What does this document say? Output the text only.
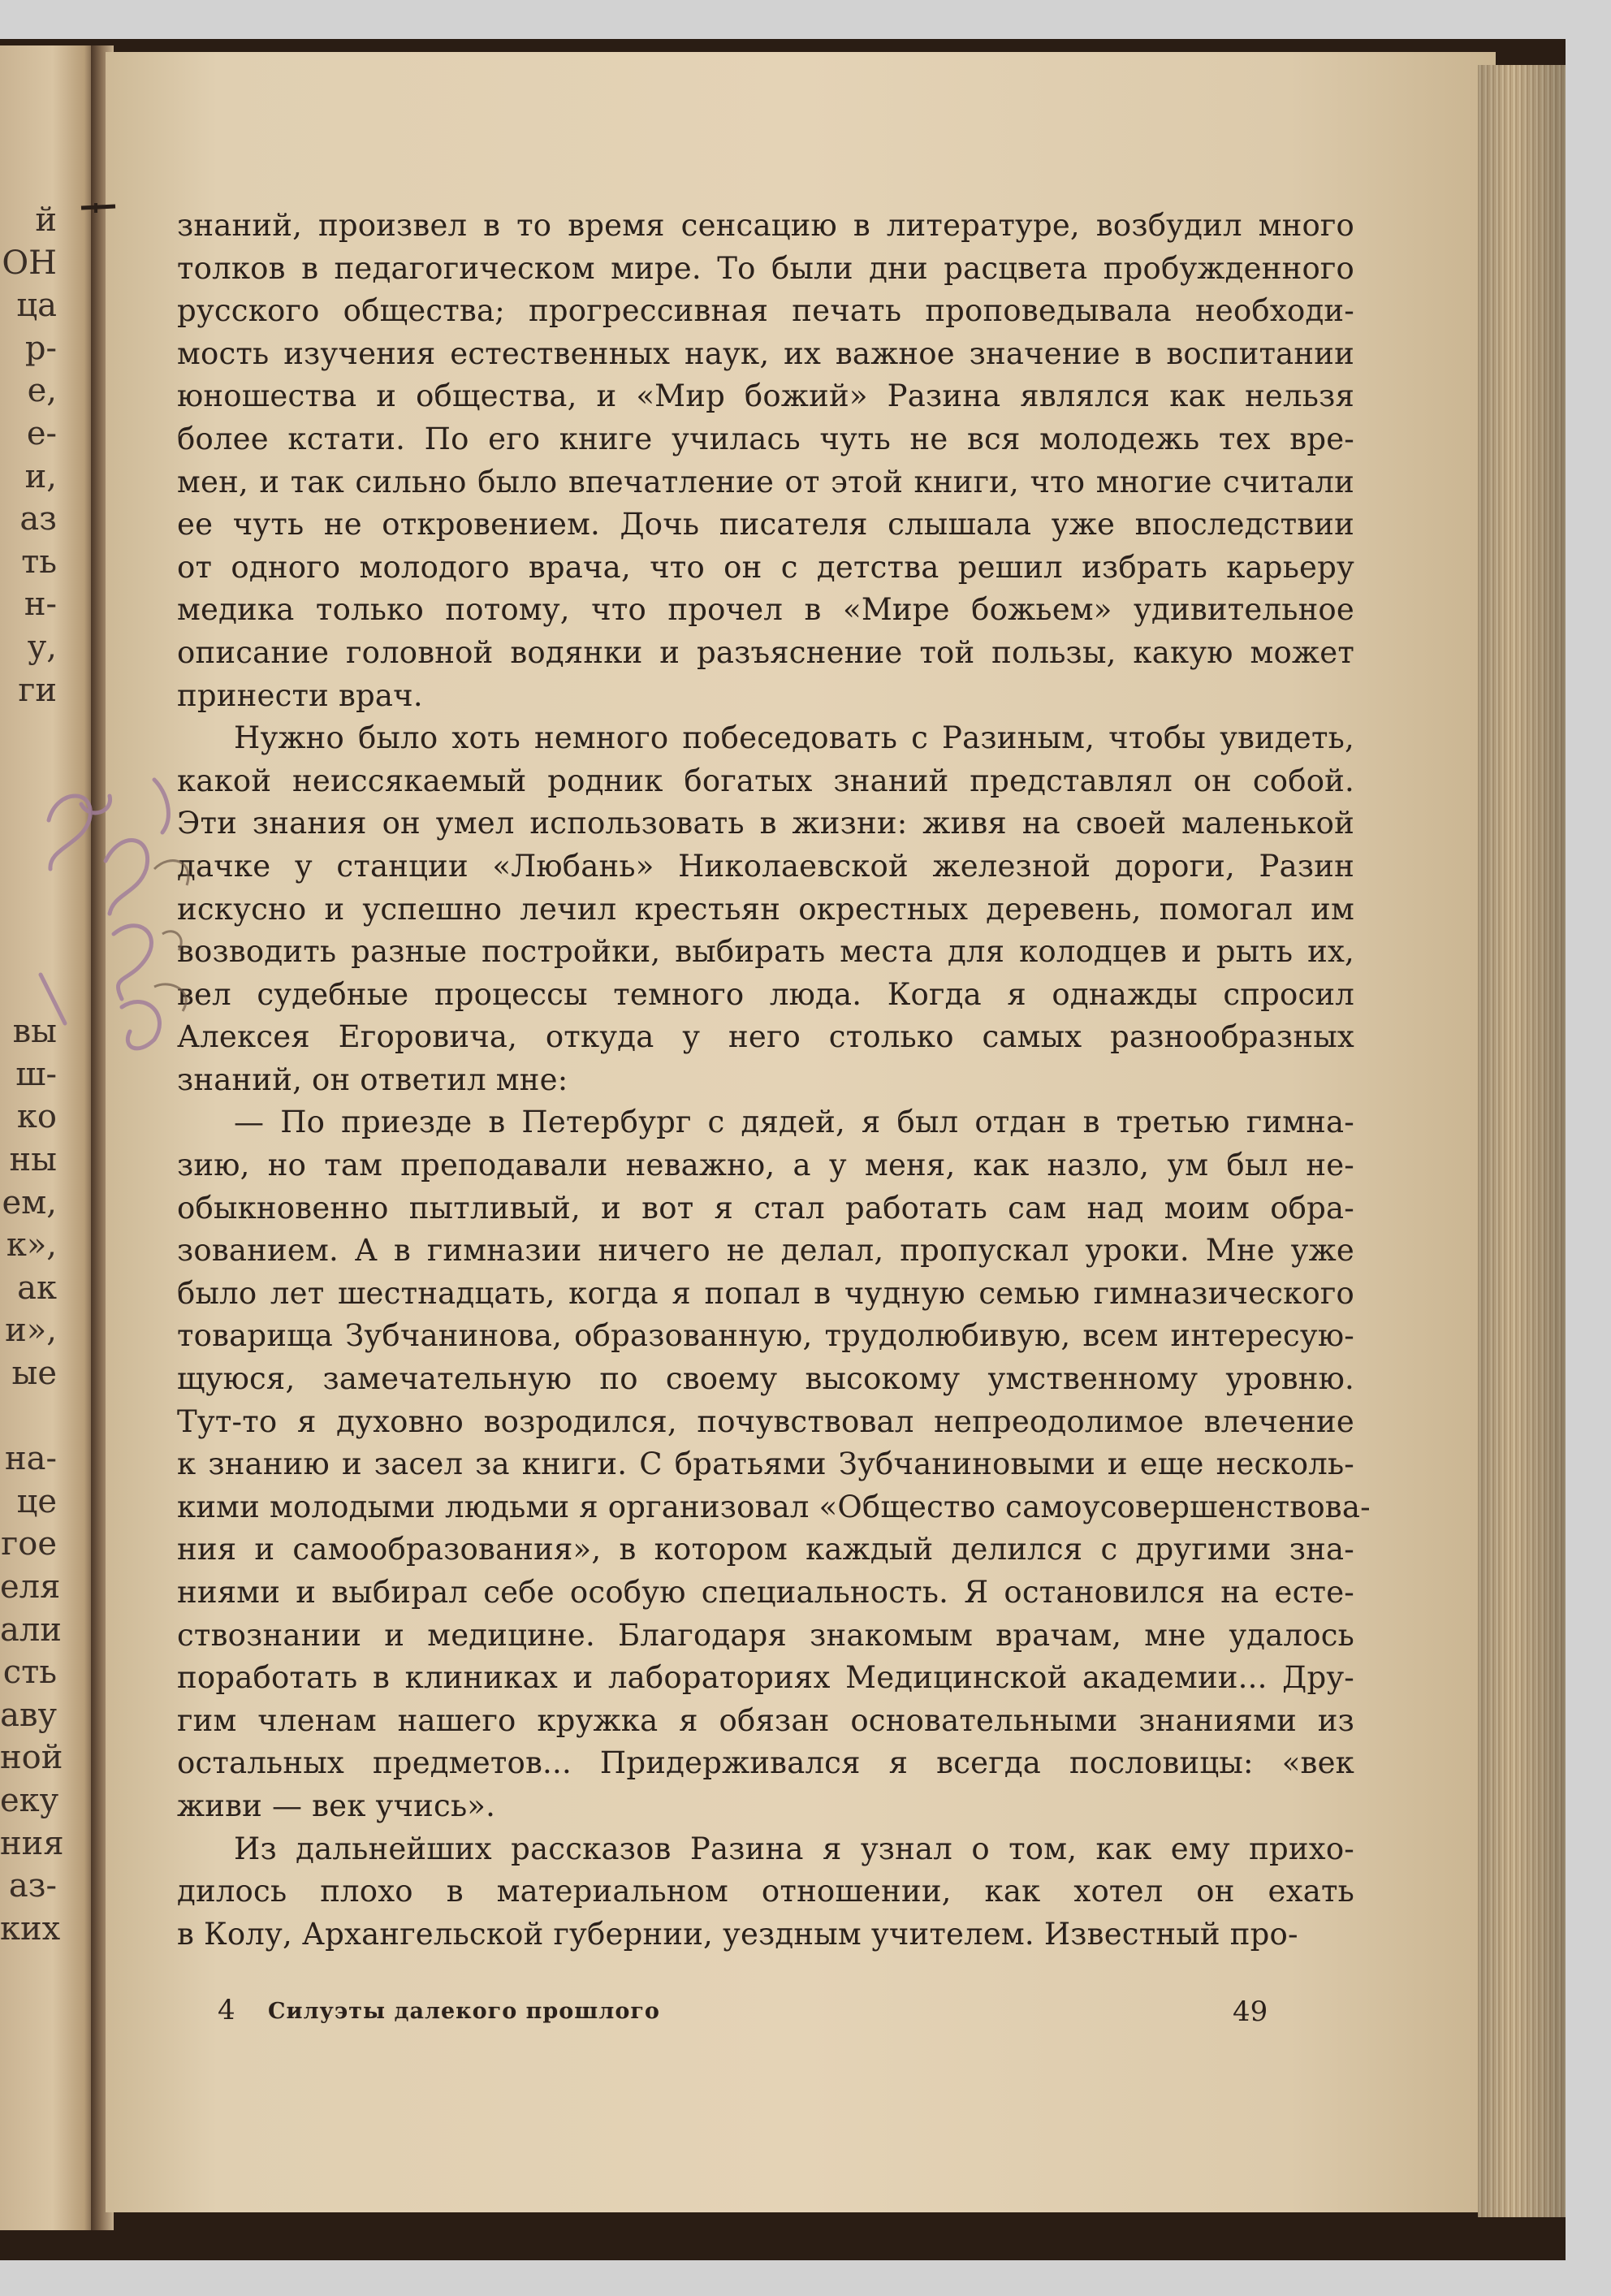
й
ОН
ца
р-
е,
е-
и,
аз
ть
н-
у,
ги
вы
ш-
ко
ны
ем,
к»,
ак
и»,
ые
на-
це
гое
еля
али
сть
аву
ной
еку
ния
аз-
ких
знаний, произвел в то время сенсацию в литературе, возбудил много
толков в педагогическом мире. То были дни расцвета пробужденного
русского общества; прогрессивная печать проповедывала необходи-
мость изучения естественных наук, их важное значение в воспитании
юношества и общества, и «Мир божий» Разина являлся как нельзя
более кстати. По его книге училась чуть не вся молодежь тех вре-
мен, и так сильно было впечатление от этой книги, что многие считали
ее чуть не откровением. Дочь писателя слышала уже впоследствии
от одного молодого врача, что он с детства решил избрать карьеру
медика только потому, что прочел в «Мире божьем» удивительное
описание головной водянки и разъяснение той пользы, какую может
принести врач.
Нужно было хоть немного побеседовать с Разиным, чтобы увидеть,
какой неиссякаемый родник богатых знаний представлял он собой.
Эти знания он умел использовать в жизни: живя на своей маленькой
дачке у станции «Любань» Николаевской железной дороги, Разин
искусно и успешно лечил крестьян окрестных деревень, помогал им
возводить разные постройки, выбирать места для колодцев и рыть их,
вел судебные процессы темного люда. Когда я однажды спросил
Алексея Егоровича, откуда у него столько самых разнообразных
знаний, он ответил мне:
— По приезде в Петербург с дядей, я был отдан в третью гимна-
зию, но там преподавали неважно, а у меня, как назло, ум был не-
обыкновенно пытливый, и вот я стал работать сам над моим обра-
зованием. А в гимназии ничего не делал, пропускал уроки. Мне уже
было лет шестнадцать, когда я попал в чудную семью гимназического
товарища Зубчанинова, образованную, трудолюбивую, всем интересую-
щуюся, замечательную по своему высокому умственному уровню.
Тут-то я духовно возродился, почувствовал непреодолимое влечение
к знанию и засел за книги. С братьями Зубчаниновыми и еще несколь-
кими молодыми людьми я организовал «Общество самоусовершенствова-
ния и самообразования», в котором каждый делился с другими зна-
ниями и выбирал себе особую специальность. Я остановился на есте-
ствознании и медицине. Благодаря знакомым врачам, мне удалось
поработать в клиниках и лабораториях Медицинской академии... Дру-
гим членам нашего кружка я обязан основательными знаниями из
остальных предметов... Придерживался я всегда пословицы: «век
живи — век учись».
Из дальнейших рассказов Разина я узнал о том, как ему прихо-
дилось плохо в материальном отношении, как хотел он ехать
в Колу, Архангельской губернии, уездным учителем. Известный про-
4 Силуэты далекого прошлого	49
